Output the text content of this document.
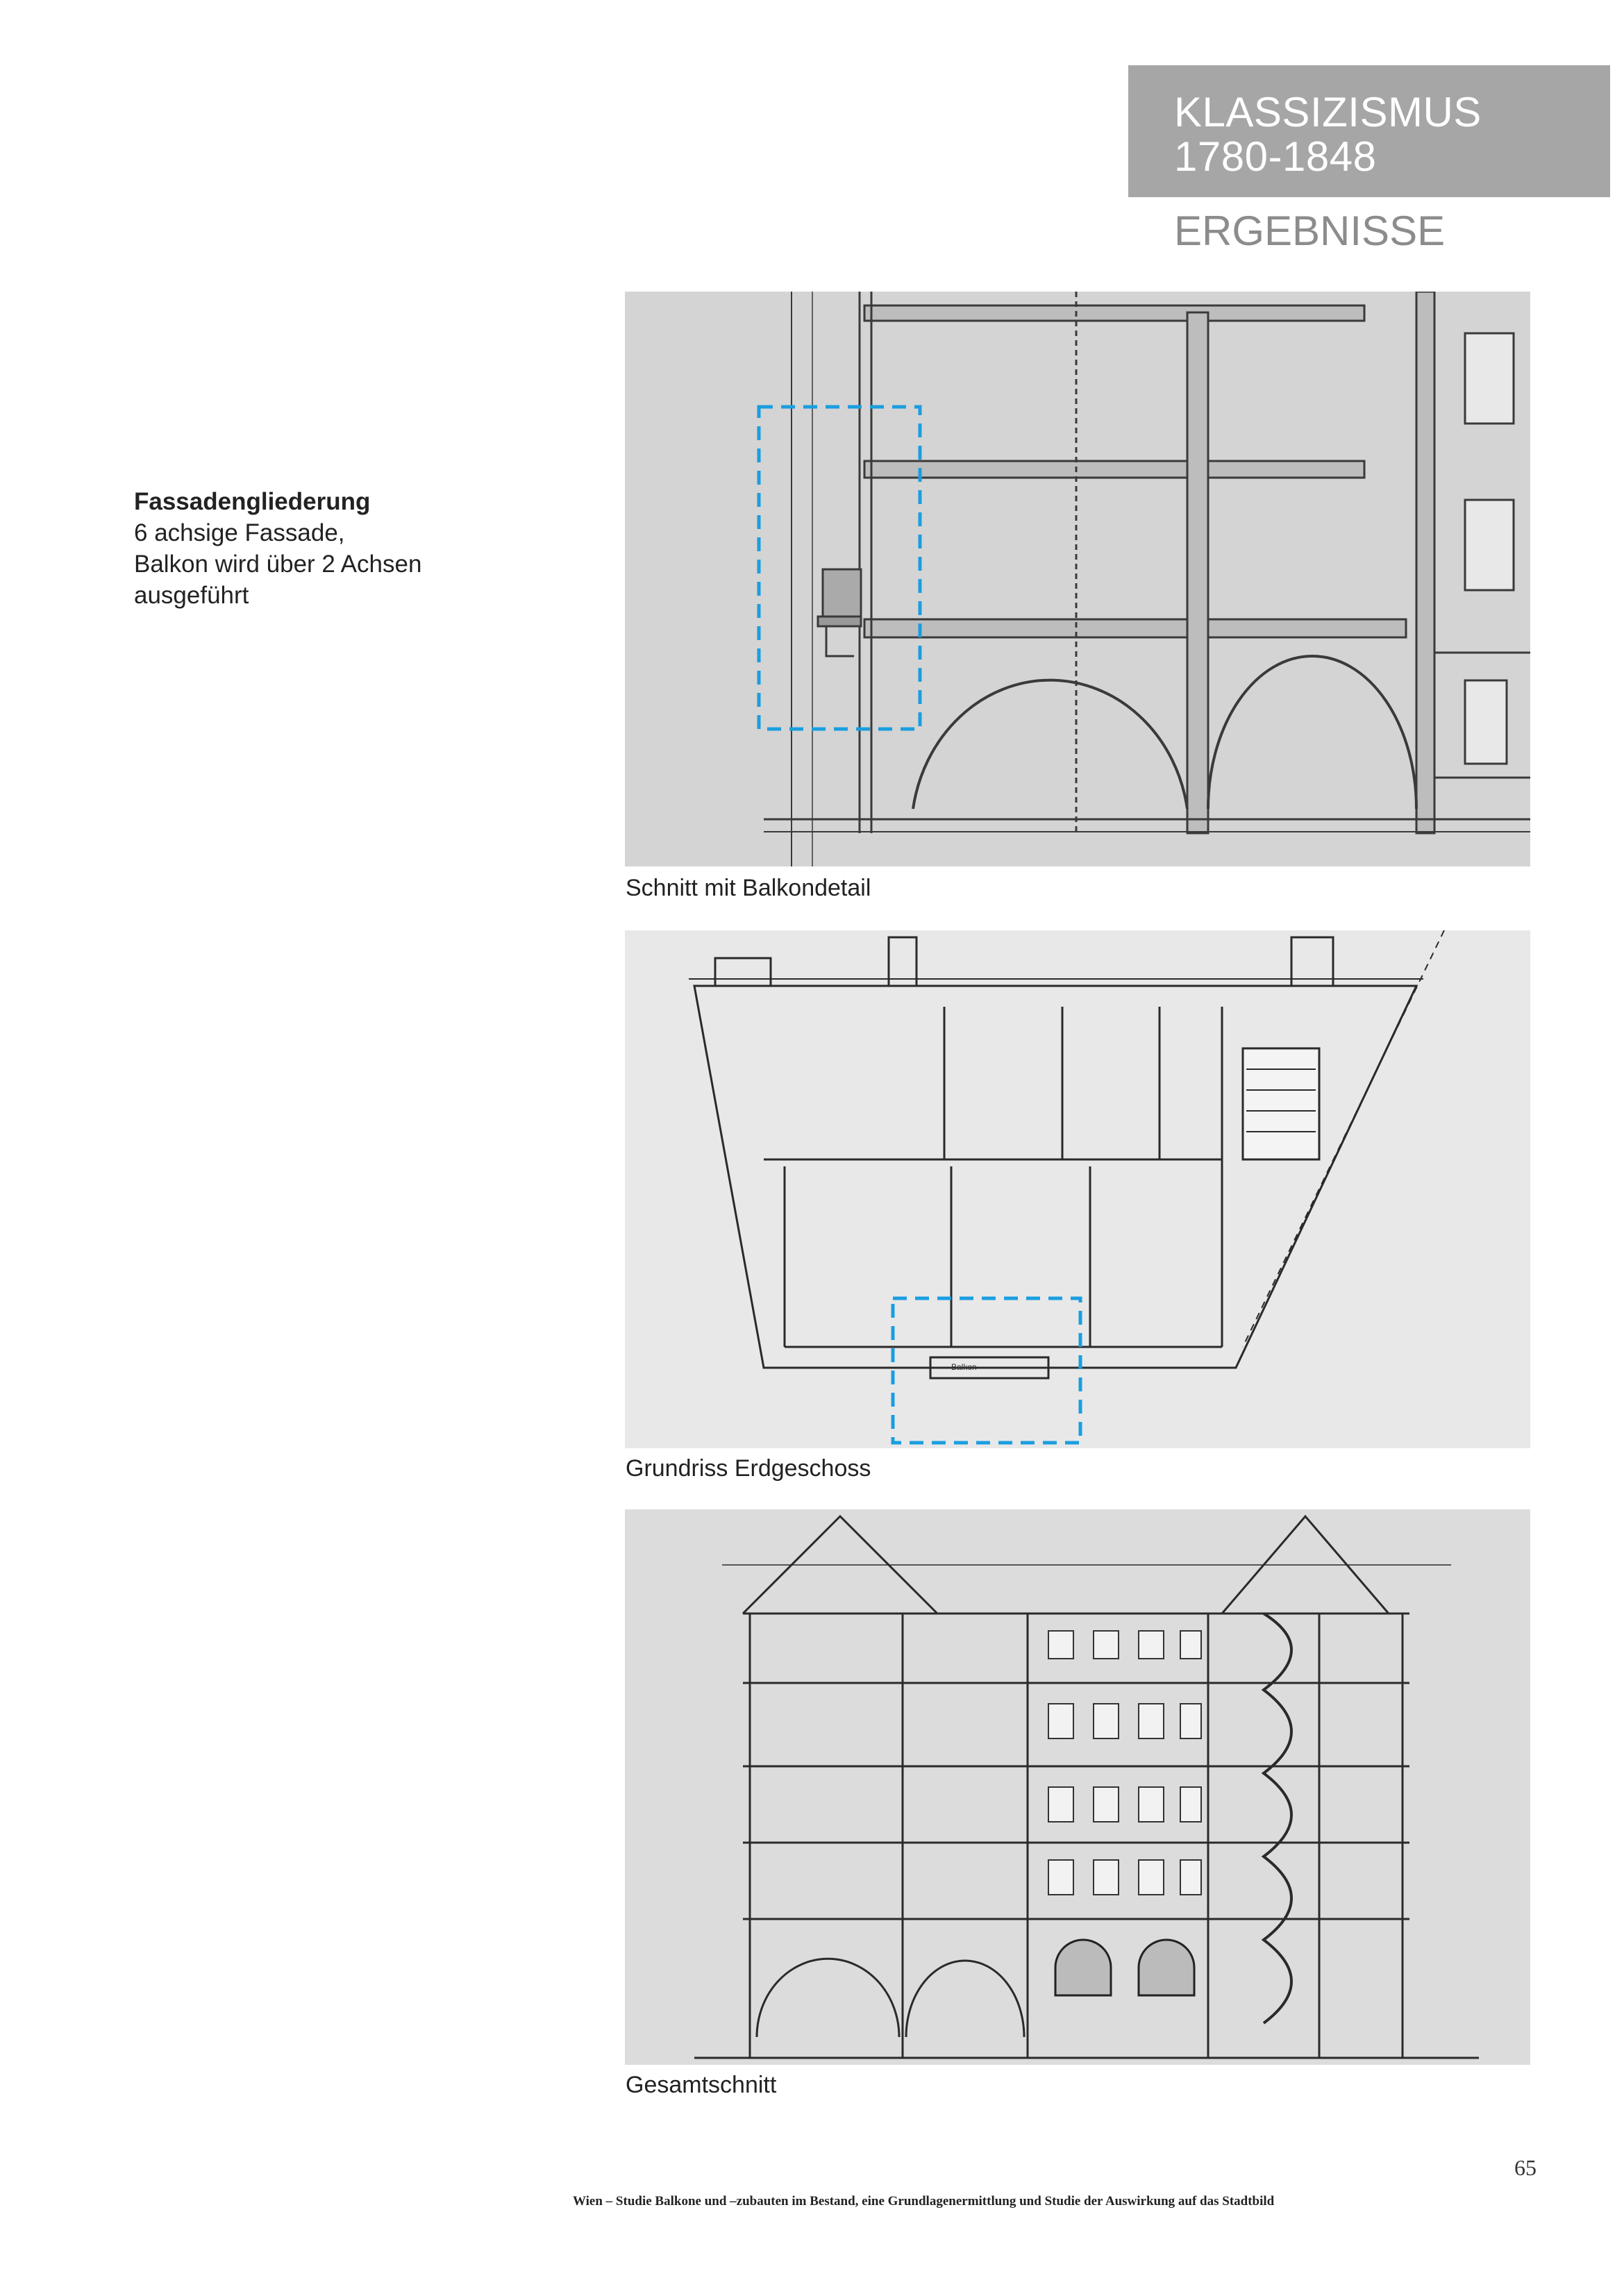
KLASSIZISMUS
1780-1848
ERGEBNISSE
Fassadengliederung
6 achsige Fassade,
Balkon wird über 2 Achsen
ausgeführt
Schnitt mit Balkondetail
Balkon
Grundriss Erdgeschoss
Gesamtschnitt
65
Wien – Studie Balkone und –zubauten im Bestand, eine Grundlagenermittlung und Studie der Auswirkung auf das Stadtbild
